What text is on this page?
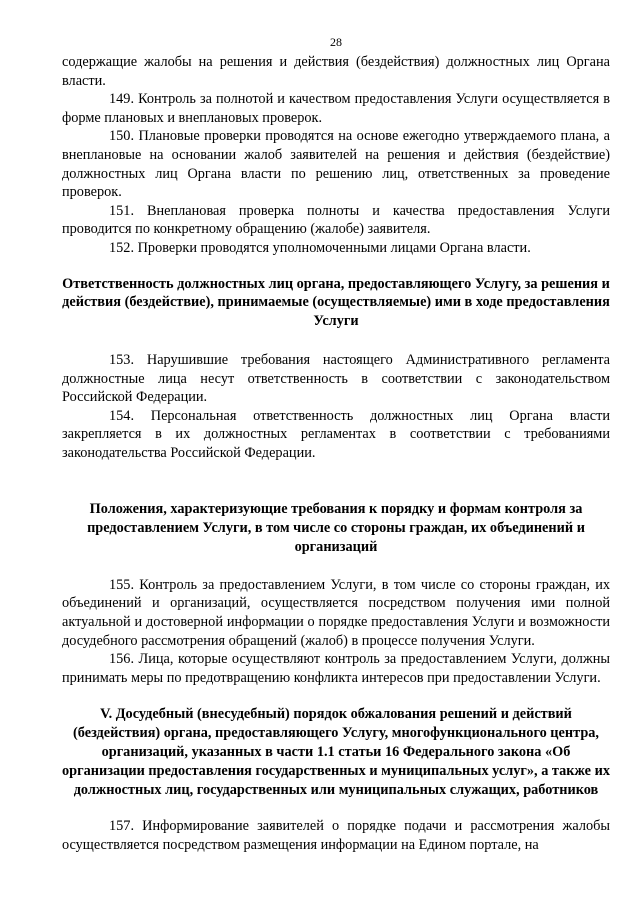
28

содержащие жалобы на решения и действия (бездействия) должностных лиц Органа власти.

149. Контроль за полнотой и качеством предоставления Услуги осуществляется в форме плановых и внеплановых проверок.

150. Плановые проверки проводятся на основе ежегодно утверждаемого плана, а внеплановые на основании жалоб заявителей на решения и действия (бездействие) должностных лиц Органа власти по решению лиц, ответственных за проведение проверок.

151. Внеплановая проверка полноты и качества предоставления Услуги проводится по конкретному обращению (жалобе) заявителя.

152. Проверки проводятся уполномоченными лицами Органа власти.

Ответственность должностных лиц органа, предоставляющего Услугу, за решения и действия (бездействие), принимаемые (осуществляемые) ими в ходе предоставления Услуги

153. Нарушившие требования настоящего Административного регламента должностные лица несут ответственность в соответствии с законодательством Российской Федерации.

154. Персональная ответственность должностных лиц Органа власти закрепляется в их должностных регламентах в соответствии с требованиями законодательства Российской Федерации.

Положения, характеризующие требования к порядку и формам контроля за предоставлением Услуги, в том числе со стороны граждан, их объединений и организаций

155. Контроль за предоставлением Услуги, в том числе со стороны граждан, их объединений и организаций, осуществляется посредством получения ими полной актуальной и достоверной информации о порядке предоставления Услуги и возможности досудебного рассмотрения обращений (жалоб) в процессе получения Услуги.

156. Лица, которые осуществляют контроль за предоставлением Услуги, должны принимать меры по предотвращению конфликта интересов при предоставлении Услуги.

V. Досудебный (внесудебный) порядок обжалования решений и действий (бездействия) органа, предоставляющего Услугу, многофункционального центра, организаций, указанных в части 1.1 статьи 16 Федерального закона «Об организации предоставления государственных и муниципальных услуг», а также их должностных лиц, государственных или муниципальных служащих, работников

157. Информирование заявителей о порядке подачи и рассмотрения жалобы осуществляется посредством размещения информации на Едином портале, на
